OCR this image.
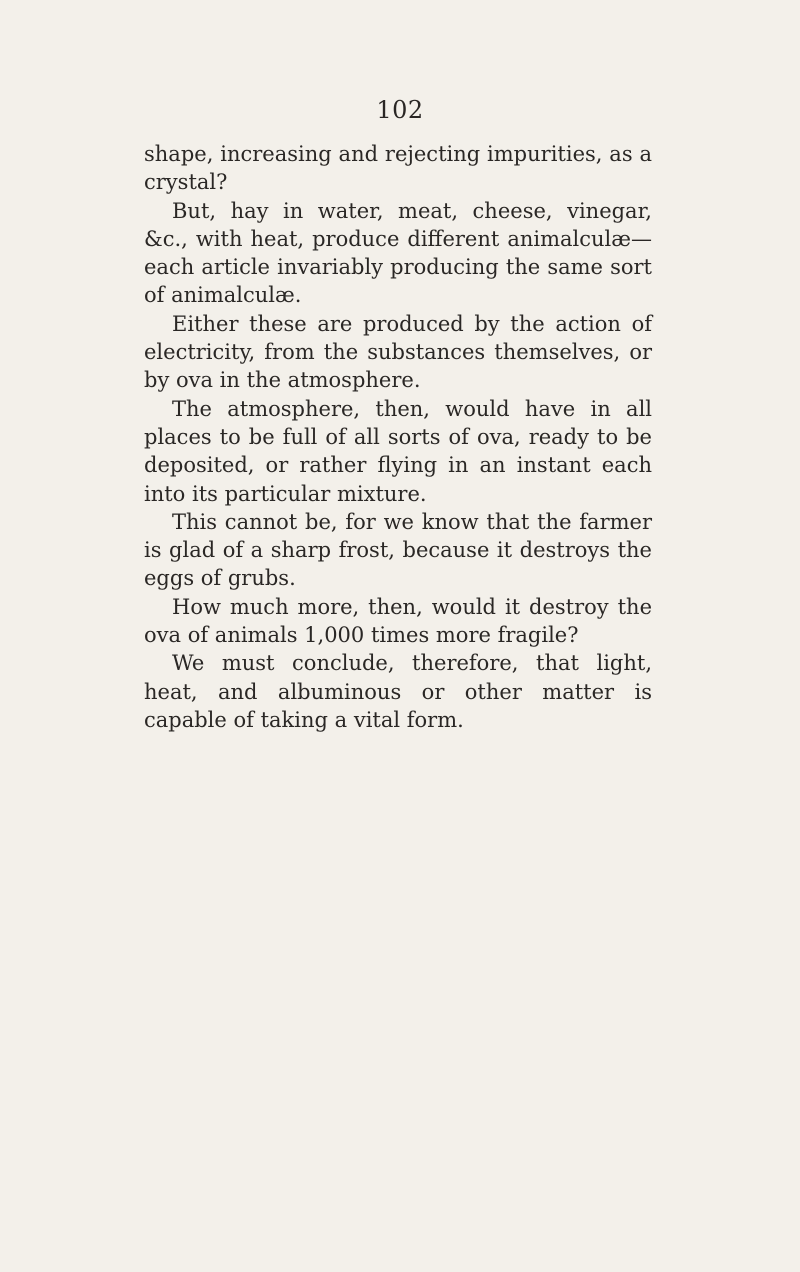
102

shape, increasing and rejecting impurities, as a crystal?

But, hay in water, meat, cheese, vinegar, &c., with heat, produce different animalculæ—each article invariably producing the same sort of animalculæ.

Either these are produced by the action of electricity, from the substances themselves, or by ova in the atmosphere.

The atmosphere, then, would have in all places to be full of all sorts of ova, ready to be deposited, or rather flying in an instant each into its particular mixture.

This cannot be, for we know that the farmer is glad of a sharp frost, because it destroys the eggs of grubs.

How much more, then, would it destroy the ova of animals 1,000 times more fragile?

We must conclude, therefore, that light, heat, and albuminous or other matter is capable of taking a vital form.
